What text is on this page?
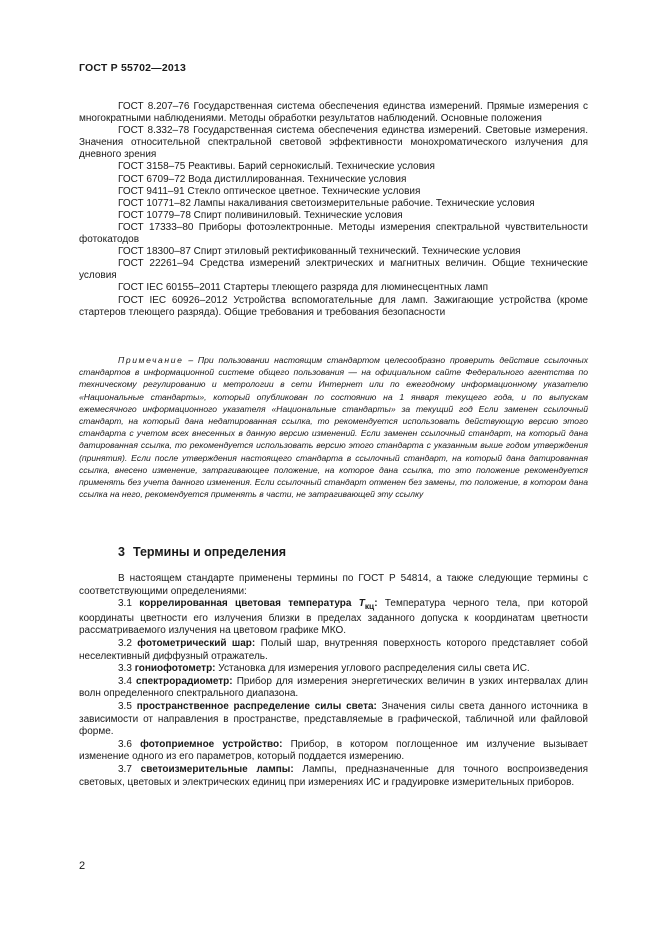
ГОСТ Р 55702—2013

ГОСТ 8.207–76 Государственная система обеспечения единства измерений. Прямые измерения с многократными наблюдениями. Методы обработки результатов наблюдений. Основные положения

ГОСТ 8.332–78 Государственная система обеспечения единства измерений. Световые измерения. Значения относительной спектральной световой эффективности монохроматического излучения для дневного зрения

ГОСТ 3158–75 Реактивы. Барий сернокислый. Технические условия

ГОСТ 6709–72 Вода дистиллированная. Технические условия

ГОСТ 9411–91 Стекло оптическое цветное. Технические условия

ГОСТ 10771–82 Лампы накаливания светоизмерительные рабочие. Технические условия

ГОСТ 10779–78 Спирт поливиниловый. Технические условия

ГОСТ 17333–80 Приборы фотоэлектронные. Методы измерения спектральной чувствительности фотокатодов

ГОСТ 18300–87 Спирт этиловый ректификованный технический. Технические условия

ГОСТ 22261–94 Средства измерений электрических и магнитных величин. Общие технические условия

ГОСТ IEC 60155–2011 Стартеры тлеющего разряда для люминесцентных ламп

ГОСТ IEC 60926–2012 Устройства вспомогательные для ламп. Зажигающие устройства (кроме стартеров тлеющего разряда). Общие требования и требования безопасности

Примечание – При пользовании настоящим стандартом целесообразно проверить действие ссылочных стандартов в информационной системе общего пользования — на официальном сайте Федерального агентства по техническому регулированию и метрологии в сети Интернет или по ежегодному информационному указателю «Национальные стандарты», который опубликован по состоянию на 1 января текущего года, и по выпускам ежемесячного информационного указателя «Национальные стандарты» за текущий год Если заменен ссылочный стандарт, на который дана недатированная ссылка, то рекомендуется использовать действующую версию этого стандарта с учетом всех внесенных в данную версию изменений. Если заменен ссылочный стандарт, на который дана датированная ссылка, то рекомендуется использовать версию этого стандарта с указанным выше годом утверждения (принятия). Если после утверждения настоящего стандарта в ссылочный стандарт, на который дана датированная ссылка, внесено изменение, затрагивающее положение, на которое дана ссылка, то это положение рекомендуется применять без учета данного изменения. Если ссылочный стандарт отменен без замены, то положение, в котором дана ссылка на него, рекомендуется применять в части, не затрагивающей эту ссылку

3 Термины и определения

В настоящем стандарте применены термины по ГОСТ Р 54814, а также следующие термины с соответствующими определениями:

3.1 коррелированная цветовая температура $T_{кц}$: Температура черного тела, при которой координаты цветности его излучения близки в пределах заданного допуска к координатам цветности рассматриваемого излучения на цветовом графике МКО.

3.2 фотометрический шар: Полый шар, внутренняя поверхность которого представляет собой неселективный диффузный отражатель.

3.3 гониофотометр: Установка для измерения углового распределения силы света ИС.

3.4 спектрорадиометр: Прибор для измерения энергетических величин в узких интервалах длин волн определенного спектрального диапазона.

3.5 пространственное распределение силы света: Значения силы света данного источника в зависимости от направления в пространстве, представляемые в графической, табличной или файловой форме.

3.6 фотоприемное устройство: Прибор, в котором поглощенное им излучение вызывает изменение одного из его параметров, который поддается измерению.

3.7 светоизмерительные лампы: Лампы, предназначенные для точного воспроизведения световых, цветовых и электрических единиц при измерениях ИС и градуировке измерительных приборов.

2
